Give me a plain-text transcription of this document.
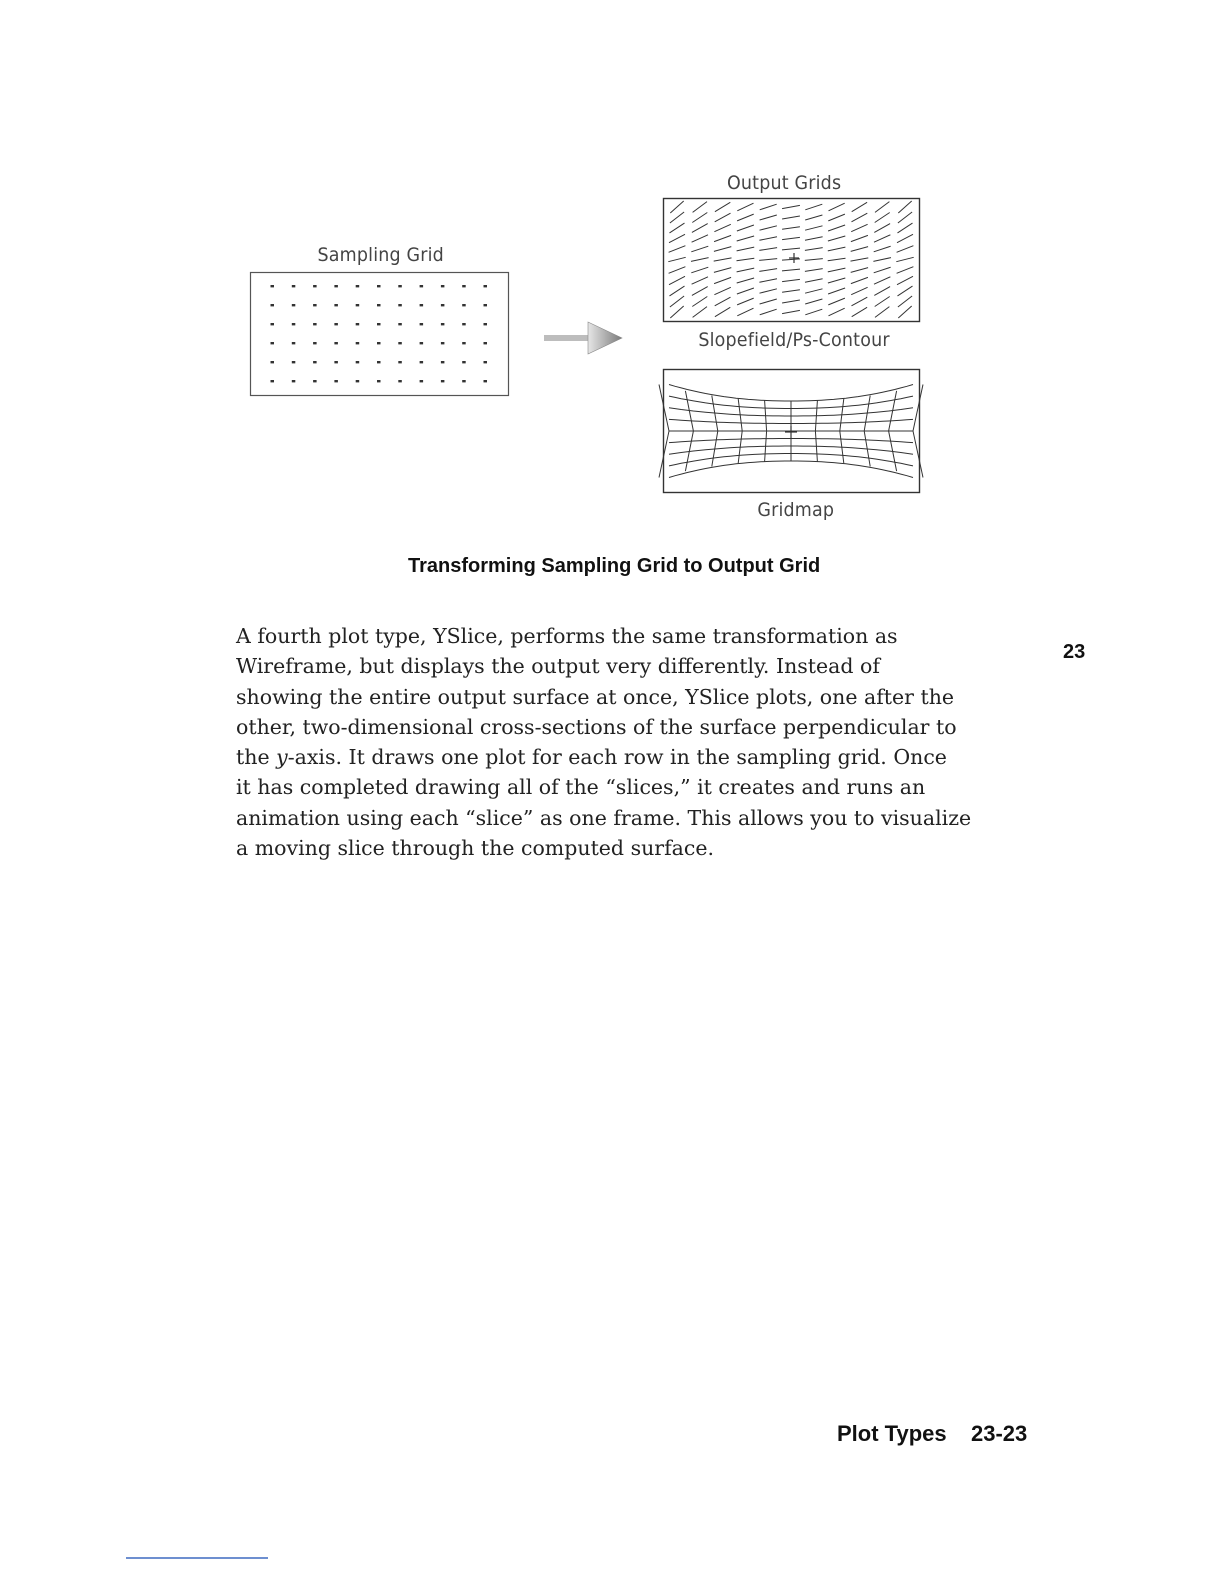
Sampling Grid
Output Grids
Slopefield/Ps-Contour
Gridmap
Transforming Sampling Grid to Output Grid
A fourth plot type, YSlice, performs the same transformation as
Wireframe, but displays the output very differently. Instead of
showing the entire output surface at once, YSlice plots, one after the
other, two-dimensional cross-sections of the surface perpendicular to
the y-axis. It draws one plot for each row in the sampling grid. Once
it has completed drawing all of the “slices,” it creates and runs an
animation using each “slice” as one frame. This allows you to visualize
a moving slice through the computed surface.
23
Plot Types 23-23
